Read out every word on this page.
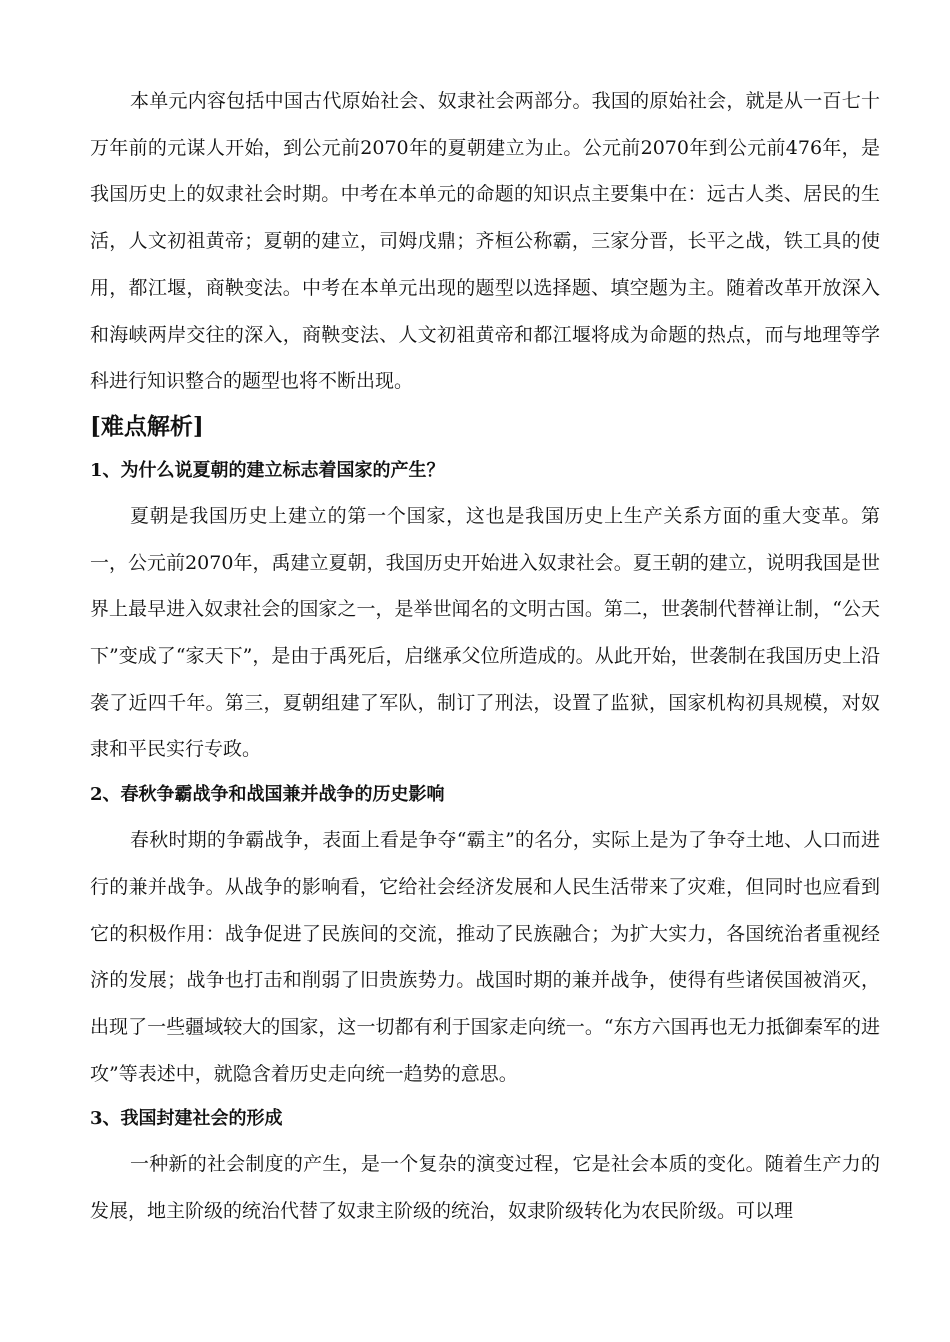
本单元内容包括中国古代原始社会、奴隶社会两部分。我国的原始社会，就是从一百七十万年前的元谋人开始，到公元前2070年的夏朝建立为止。公元前2070年到公元前476年，是我国历史上的奴隶社会时期。中考在本单元的命题的知识点主要集中在：远古人类、居民的生活，人文初祖黄帝；夏朝的建立，司姆戊鼎；齐桓公称霸，三家分晋，长平之战，铁工具的使用，都江堰，商鞅变法。中考在本单元出现的题型以选择题、填空题为主。随着改革开放深入和海峡两岸交往的深入，商鞅变法、人文初祖黄帝和都江堰将成为命题的热点，而与地理等学科进行知识整合的题型也将不断出现。

[难点解析]
1、为什么说夏朝的建立标志着国家的产生？

夏朝是我国历史上建立的第一个国家，这也是我国历史上生产关系方面的重大变革。第一，公元前2070年，禹建立夏朝，我国历史开始进入奴隶社会。夏王朝的建立，说明我国是世界上最早进入奴隶社会的国家之一，是举世闻名的文明古国。第二，世袭制代替禅让制，“公天下”变成了“家天下”，是由于禹死后，启继承父位所造成的。从此开始，世袭制在我国历史上沿袭了近四千年。第三，夏朝组建了军队，制订了刑法，设置了监狱，国家机构初具规模，对奴隶和平民实行专政。

2、春秋争霸战争和战国兼并战争的历史影响

春秋时期的争霸战争，表面上看是争夺“霸主”的名分，实际上是为了争夺土地、人口而进行的兼并战争。从战争的影响看，它给社会经济发展和人民生活带来了灾难，但同时也应看到它的积极作用：战争促进了民族间的交流，推动了民族融合；为扩大实力，各国统治者重视经济的发展；战争也打击和削弱了旧贵族势力。战国时期的兼并战争，使得有些诸侯国被消灭，出现了一些疆域较大的国家，这一切都有利于国家走向统一。“东方六国再也无力抵御秦军的进攻”等表述中，就隐含着历史走向统一趋势的意思。

3、我国封建社会的形成

一种新的社会制度的产生，是一个复杂的演变过程，它是社会本质的变化。随着生产力的发展，地主阶级的统治代替了奴隶主阶级的统治，奴隶阶级转化为农民阶级。可以理
